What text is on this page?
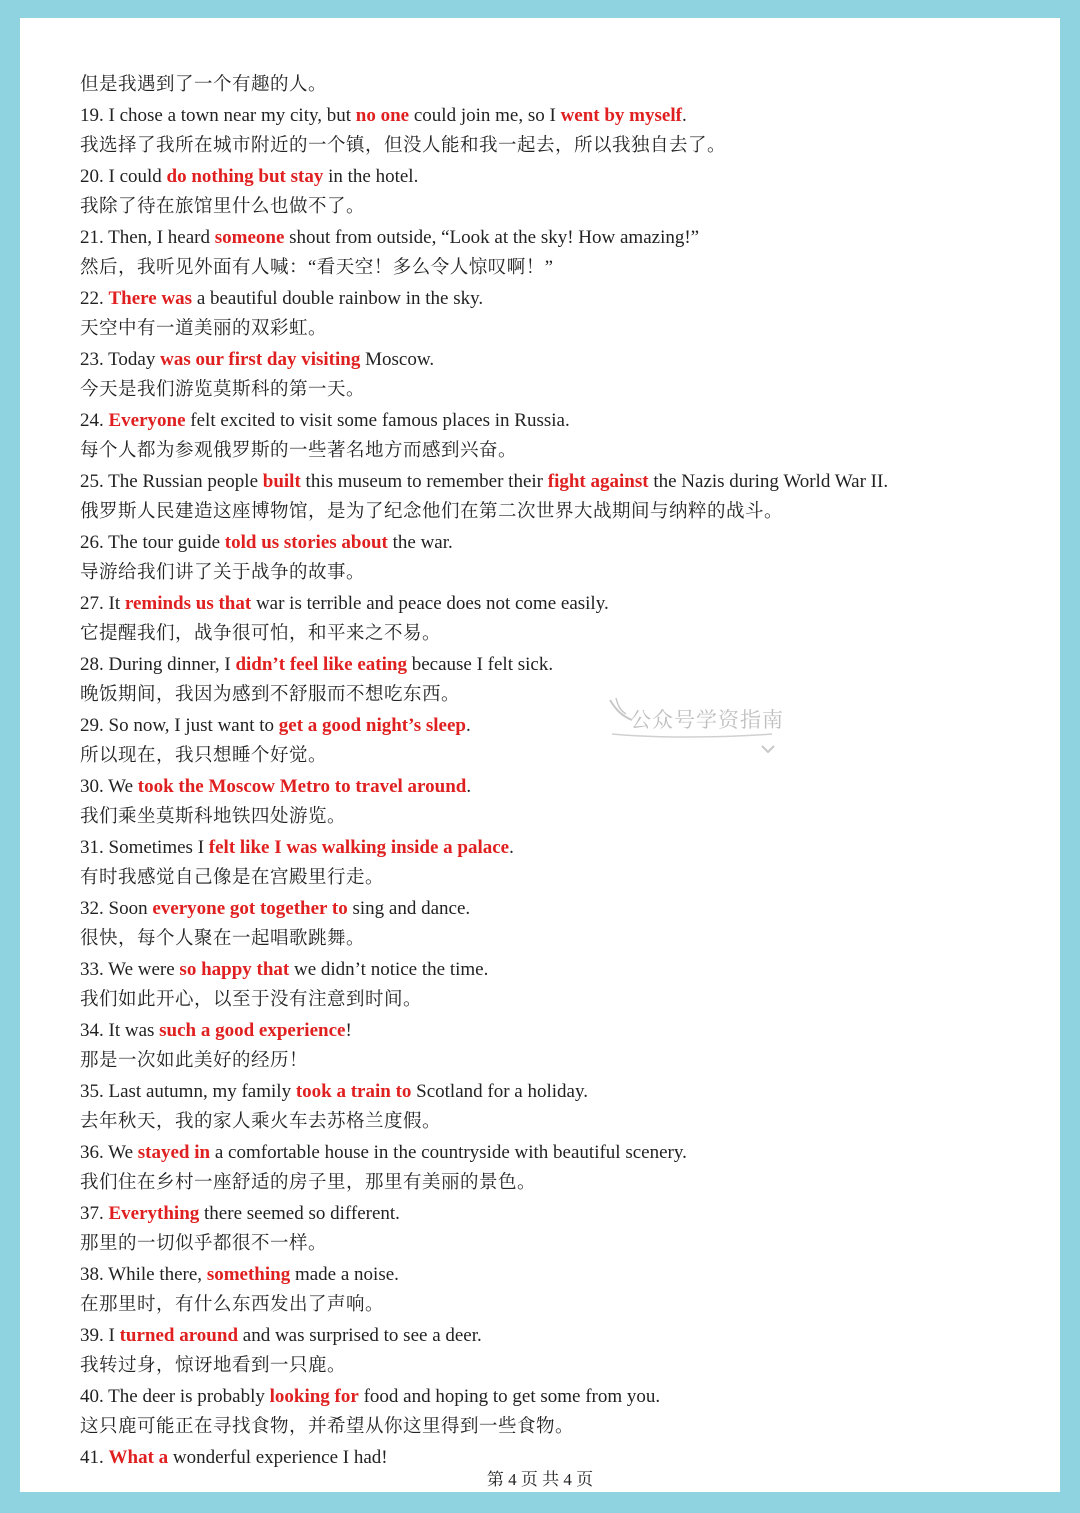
但是我遇到了一个有趣的人。
19. I chose a town near my city, but no one could join me, so I went by myself.
我选择了我所在城市附近的一个镇，但没人能和我一起去，所以我独自去了。
20. I could do nothing but stay in the hotel.
我除了待在旅馆里什么也做不了。
21. Then, I heard someone shout from outside, “Look at the sky! How amazing!”
然后，我听见外面有人喊：“看天空！多么令人惊叹啊！”
22. There was a beautiful double rainbow in the sky.
天空中有一道美丽的双彩虹。
23. Today was our first day visiting Moscow.
今天是我们游览莫斯科的第一天。
24. Everyone felt excited to visit some famous places in Russia.
每个人都为参观俄罗斯的一些著名地方而感到兴奋。
25. The Russian people built this museum to remember their fight against the Nazis during World War II.
俄罗斯人民建造这座博物馆，是为了纪念他们在第二次世界大战期间与纳粹的战斗。
26. The tour guide told us stories about the war.
导游给我们讲了关于战争的故事。
27. It reminds us that war is terrible and peace does not come easily.
它提醒我们，战争很可怕，和平来之不易。
28. During dinner, I didn’t feel like eating because I felt sick.
晚饭期间，我因为感到不舒服而不想吃东西。
29. So now, I just want to get a good night’s sleep.
所以现在，我只想睡个好觉。
30. We took the Moscow Metro to travel around.
我们乘坐莫斯科地铁四处游览。
31. Sometimes I felt like I was walking inside a palace.
有时我感觉自己像是在宫殿里行走。
32. Soon everyone got together to sing and dance.
很快，每个人聚在一起唱歌跳舞。
33. We were so happy that we didn’t notice the time.
我们如此开心，以至于没有注意到时间。
34. It was such a good experience!
那是一次如此美好的经历！
35. Last autumn, my family took a train to Scotland for a holiday.
去年秋天，我的家人乘火车去苏格兰度假。
36. We stayed in a comfortable house in the countryside with beautiful scenery.
我们住在乡村一座舒适的房子里，那里有美丽的景色。
37. Everything there seemed so different.
那里的一切似乎都很不一样。
38. While there, something made a noise.
在那里时，有什么东西发出了声响。
39. I turned around and was surprised to see a deer.
我转过身，惊讶地看到一只鹿。
40. The deer is probably looking for food and hoping to get some from you.
这只鹿可能正在寻找食物，并希望从你这里得到一些食物。
41. What a wonderful experience I had!
公众号学资指南
第 4 页 共 4 页
